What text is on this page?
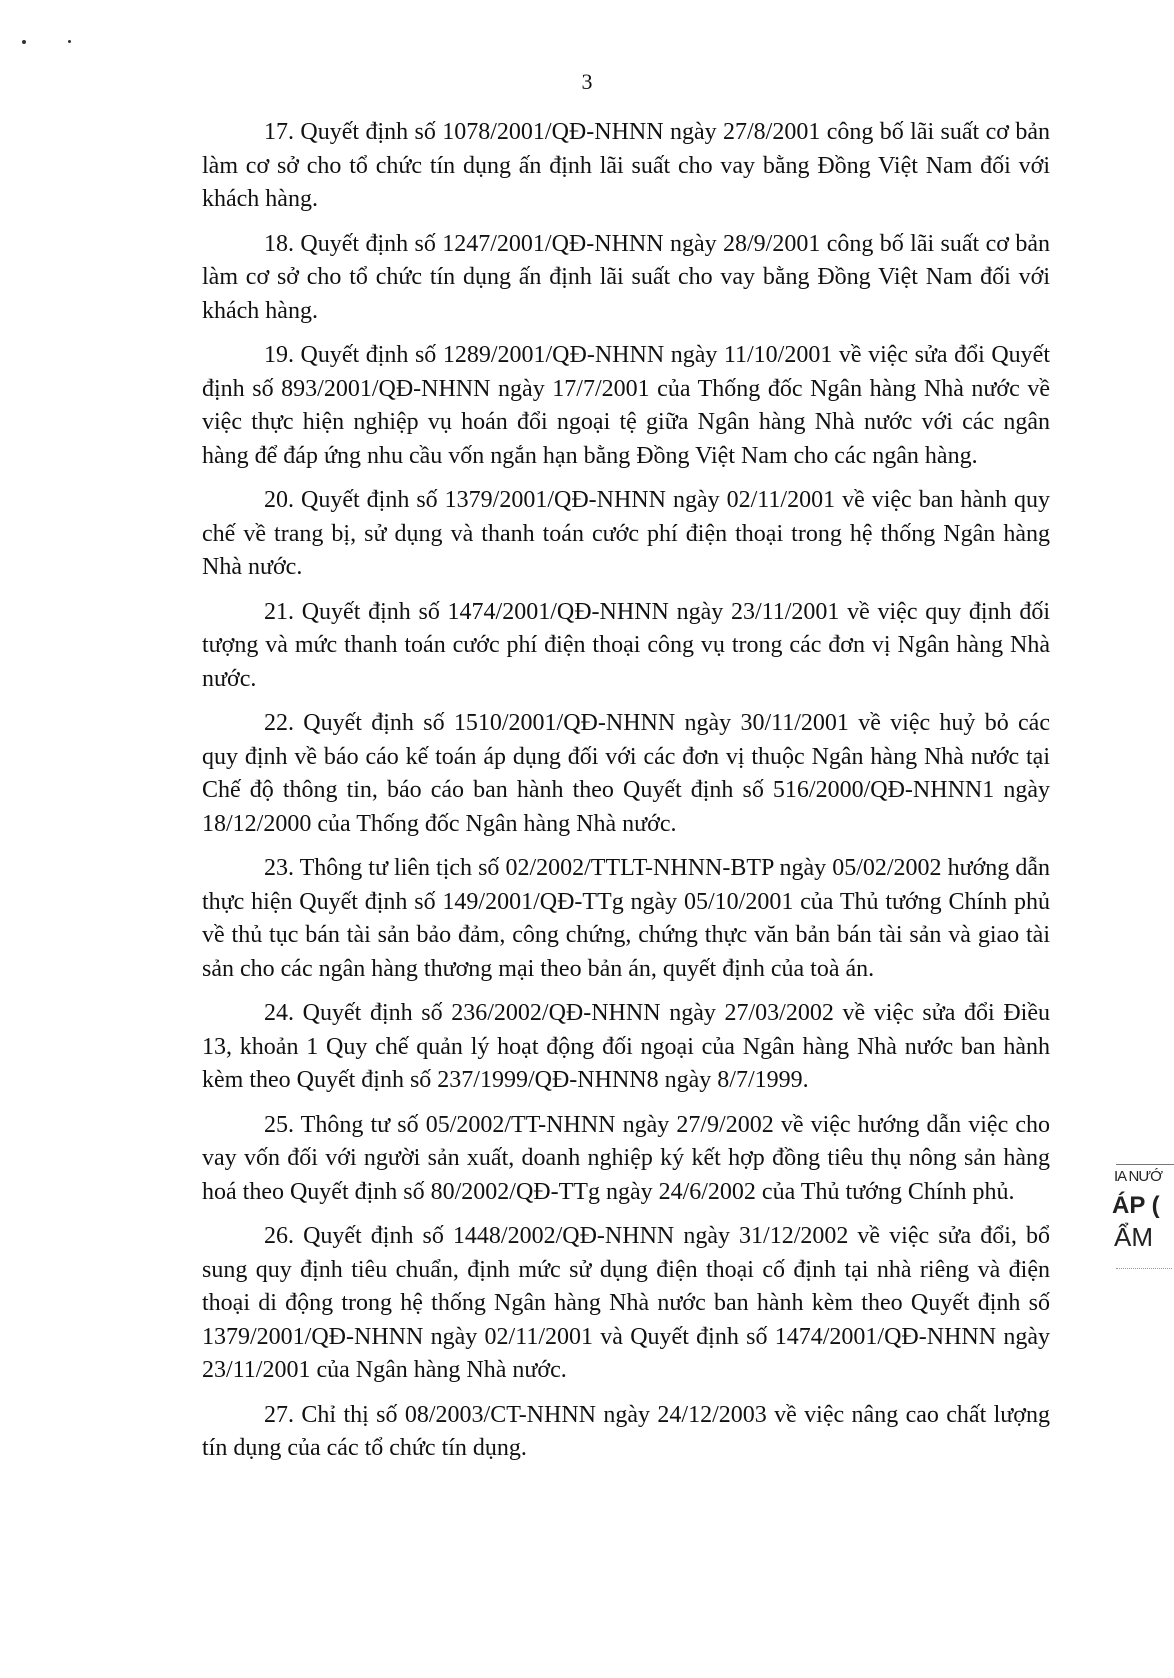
3

17. Quyết định số 1078/2001/QĐ-NHNN ngày 27/8/2001 công bố lãi suất cơ bản làm cơ sở cho tổ chức tín dụng ấn định lãi suất cho vay bằng Đồng Việt Nam đối với khách hàng.

18. Quyết định số 1247/2001/QĐ-NHNN ngày 28/9/2001 công bố lãi suất cơ bản làm cơ sở cho tổ chức tín dụng ấn định lãi suất cho vay bằng Đồng Việt Nam đối với khách hàng.

19. Quyết định số 1289/2001/QĐ-NHNN ngày 11/10/2001 về việc sửa đổi Quyết định số 893/2001/QĐ-NHNN ngày 17/7/2001 của Thống đốc Ngân hàng Nhà nước về việc thực hiện nghiệp vụ hoán đổi ngoại tệ giữa Ngân hàng Nhà nước với các ngân hàng để đáp ứng nhu cầu vốn ngắn hạn bằng Đồng Việt Nam cho các ngân hàng.

20. Quyết định số 1379/2001/QĐ-NHNN ngày 02/11/2001 về việc ban hành quy chế về trang bị, sử dụng và thanh toán cước phí điện thoại trong hệ thống Ngân hàng Nhà nước.

21. Quyết định số 1474/2001/QĐ-NHNN ngày 23/11/2001 về việc quy định đối tượng và mức thanh toán cước phí điện thoại công vụ trong các đơn vị Ngân hàng Nhà nước.

22. Quyết định số 1510/2001/QĐ-NHNN ngày 30/11/2001 về việc huỷ bỏ các quy định về báo cáo kế toán áp dụng đối với các đơn vị thuộc Ngân hàng Nhà nước tại Chế độ thông tin, báo cáo ban hành theo Quyết định số 516/2000/QĐ-NHNN1 ngày 18/12/2000 của Thống đốc Ngân hàng Nhà nước.

23. Thông tư liên tịch số 02/2002/TTLT-NHNN-BTP ngày 05/02/2002 hướng dẫn thực hiện Quyết định số 149/2001/QĐ-TTg ngày 05/10/2001 của Thủ tướng Chính phủ về thủ tục bán tài sản bảo đảm, công chứng, chứng thực văn bản bán tài sản và giao tài sản cho các ngân hàng thương mại theo bản án, quyết định của toà án.

24. Quyết định số 236/2002/QĐ-NHNN ngày 27/03/2002 về việc sửa đổi Điều 13, khoản 1 Quy chế quản lý hoạt động đối ngoại của Ngân hàng Nhà nước ban hành kèm theo Quyết định số 237/1999/QĐ-NHNN8 ngày 8/7/1999.

25. Thông tư số 05/2002/TT-NHNN ngày 27/9/2002 về việc hướng dẫn việc cho vay vốn đối với người sản xuất, doanh nghiệp ký kết hợp đồng tiêu thụ nông sản hàng hoá theo Quyết định số 80/2002/QĐ-TTg ngày 24/6/2002 của Thủ tướng Chính phủ.

26. Quyết định số 1448/2002/QĐ-NHNN ngày 31/12/2002 về việc sửa đổi, bổ sung quy định tiêu chuẩn, định mức sử dụng điện thoại cố định tại nhà riêng và điện thoại di động trong hệ thống Ngân hàng Nhà nước ban hành kèm theo Quyết định số 1379/2001/QĐ-NHNN ngày 02/11/2001 và Quyết định số 1474/2001/QĐ-NHNN ngày 23/11/2001 của Ngân hàng Nhà nước.

27. Chỉ thị số 08/2003/CT-NHNN ngày 24/12/2003 về việc nâng cao chất lượng tín dụng của các tổ chức tín dụng.

IA NƯỚ
ÁP (
ẨM
